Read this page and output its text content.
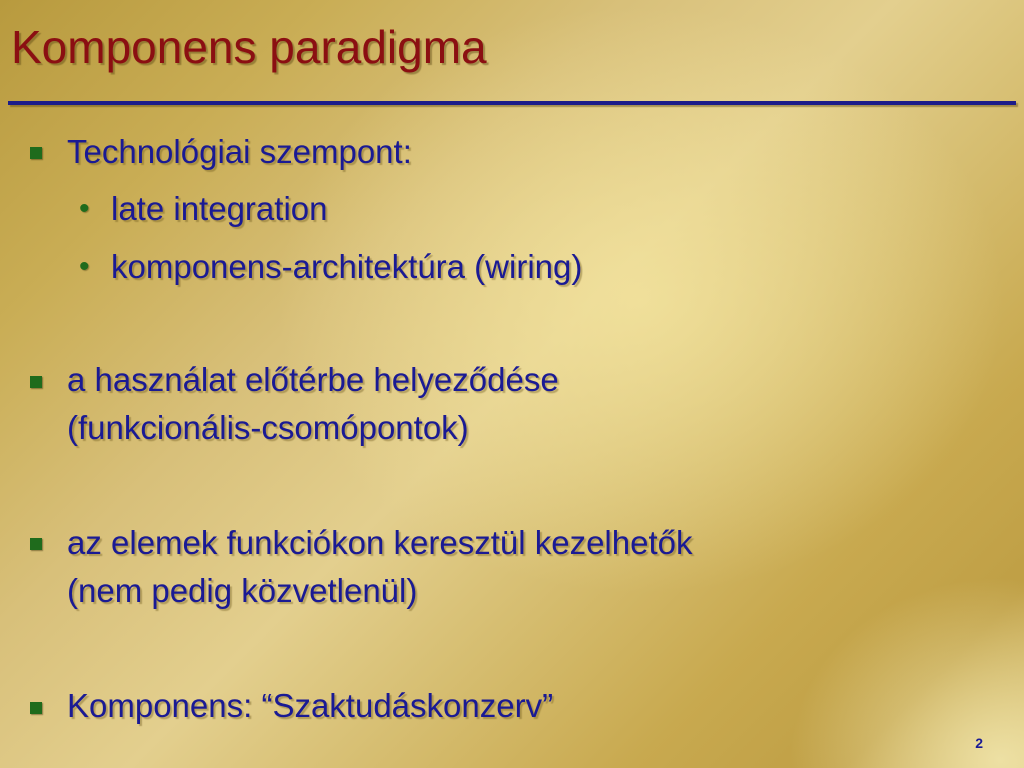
Komponens paradigma
Technológiai szempont:
• late integration
• komponens-architektúra (wiring)
a használat előtérbe helyeződése
(funkcionális-csomópontok)
az elemek funkciókon keresztül kezelhetők
(nem pedig közvetlenül)
Komponens: “Szaktudáskonzerv”
2
